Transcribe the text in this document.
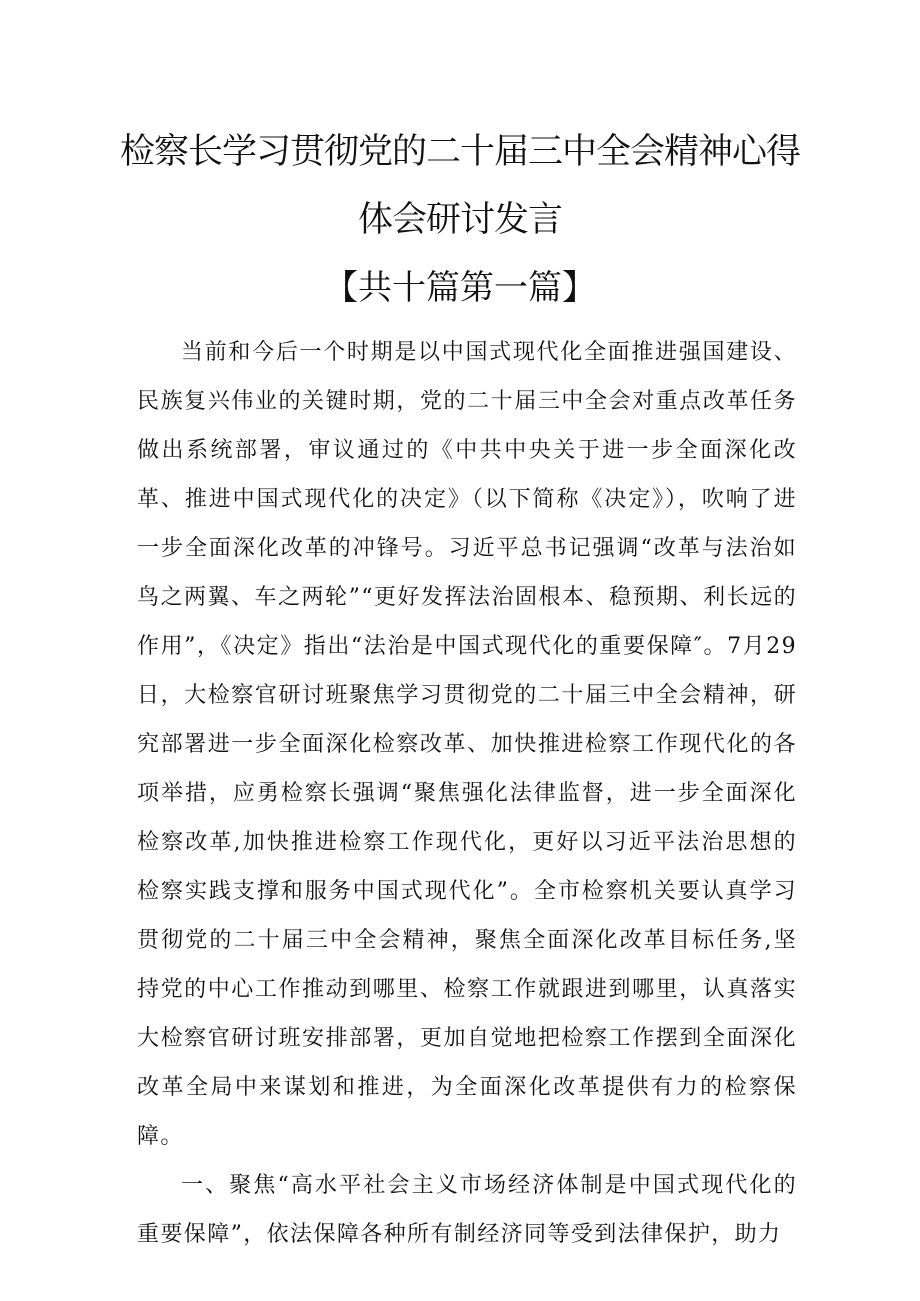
检察长学习贯彻党的二十届三中全会精神心得
体会研讨发言
【共十篇第一篇】

当前和今后一个时期是以中国式现代化全面推进强国建设、民族复兴伟业的关键时期，党的二十届三中全会对重点改革任务做出系统部署，审议通过的《中共中央关于进一步全面深化改革、推进中国式现代化的决定》（以下简称《决定》），吹响了进一步全面深化改革的冲锋号。习近平总书记强调“改革与法治如鸟之两翼、车之两轮”“更好发挥法治固根本、稳预期、利长远的作用”，《决定》指出“法治是中国式现代化的重要保障″。7月29日，大检察官研讨班聚焦学习贯彻党的二十届三中全会精神，研究部署进一步全面深化检察改革、加快推进检察工作现代化的各项举措，应勇检察长强调“聚焦强化法律监督，进一步全面深化检察改革,加快推进检察工作现代化，更好以习近平法治思想的检察实践支撑和服务中国式现代化”。全市检察机关要认真学习贯彻党的二十届三中全会精神，聚焦全面深化改革目标任务,坚持党的中心工作推动到哪里、检察工作就跟进到哪里，认真落实大检察官研讨班安排部署，更加自觉地把检察工作摆到全面深化改革全局中来谋划和推进，为全面深化改革提供有力的检察保障。

一、聚焦“高水平社会主义市场经济体制是中国式现代化的重要保障”，依法保障各种所有制经济同等受到法律保护，助力
